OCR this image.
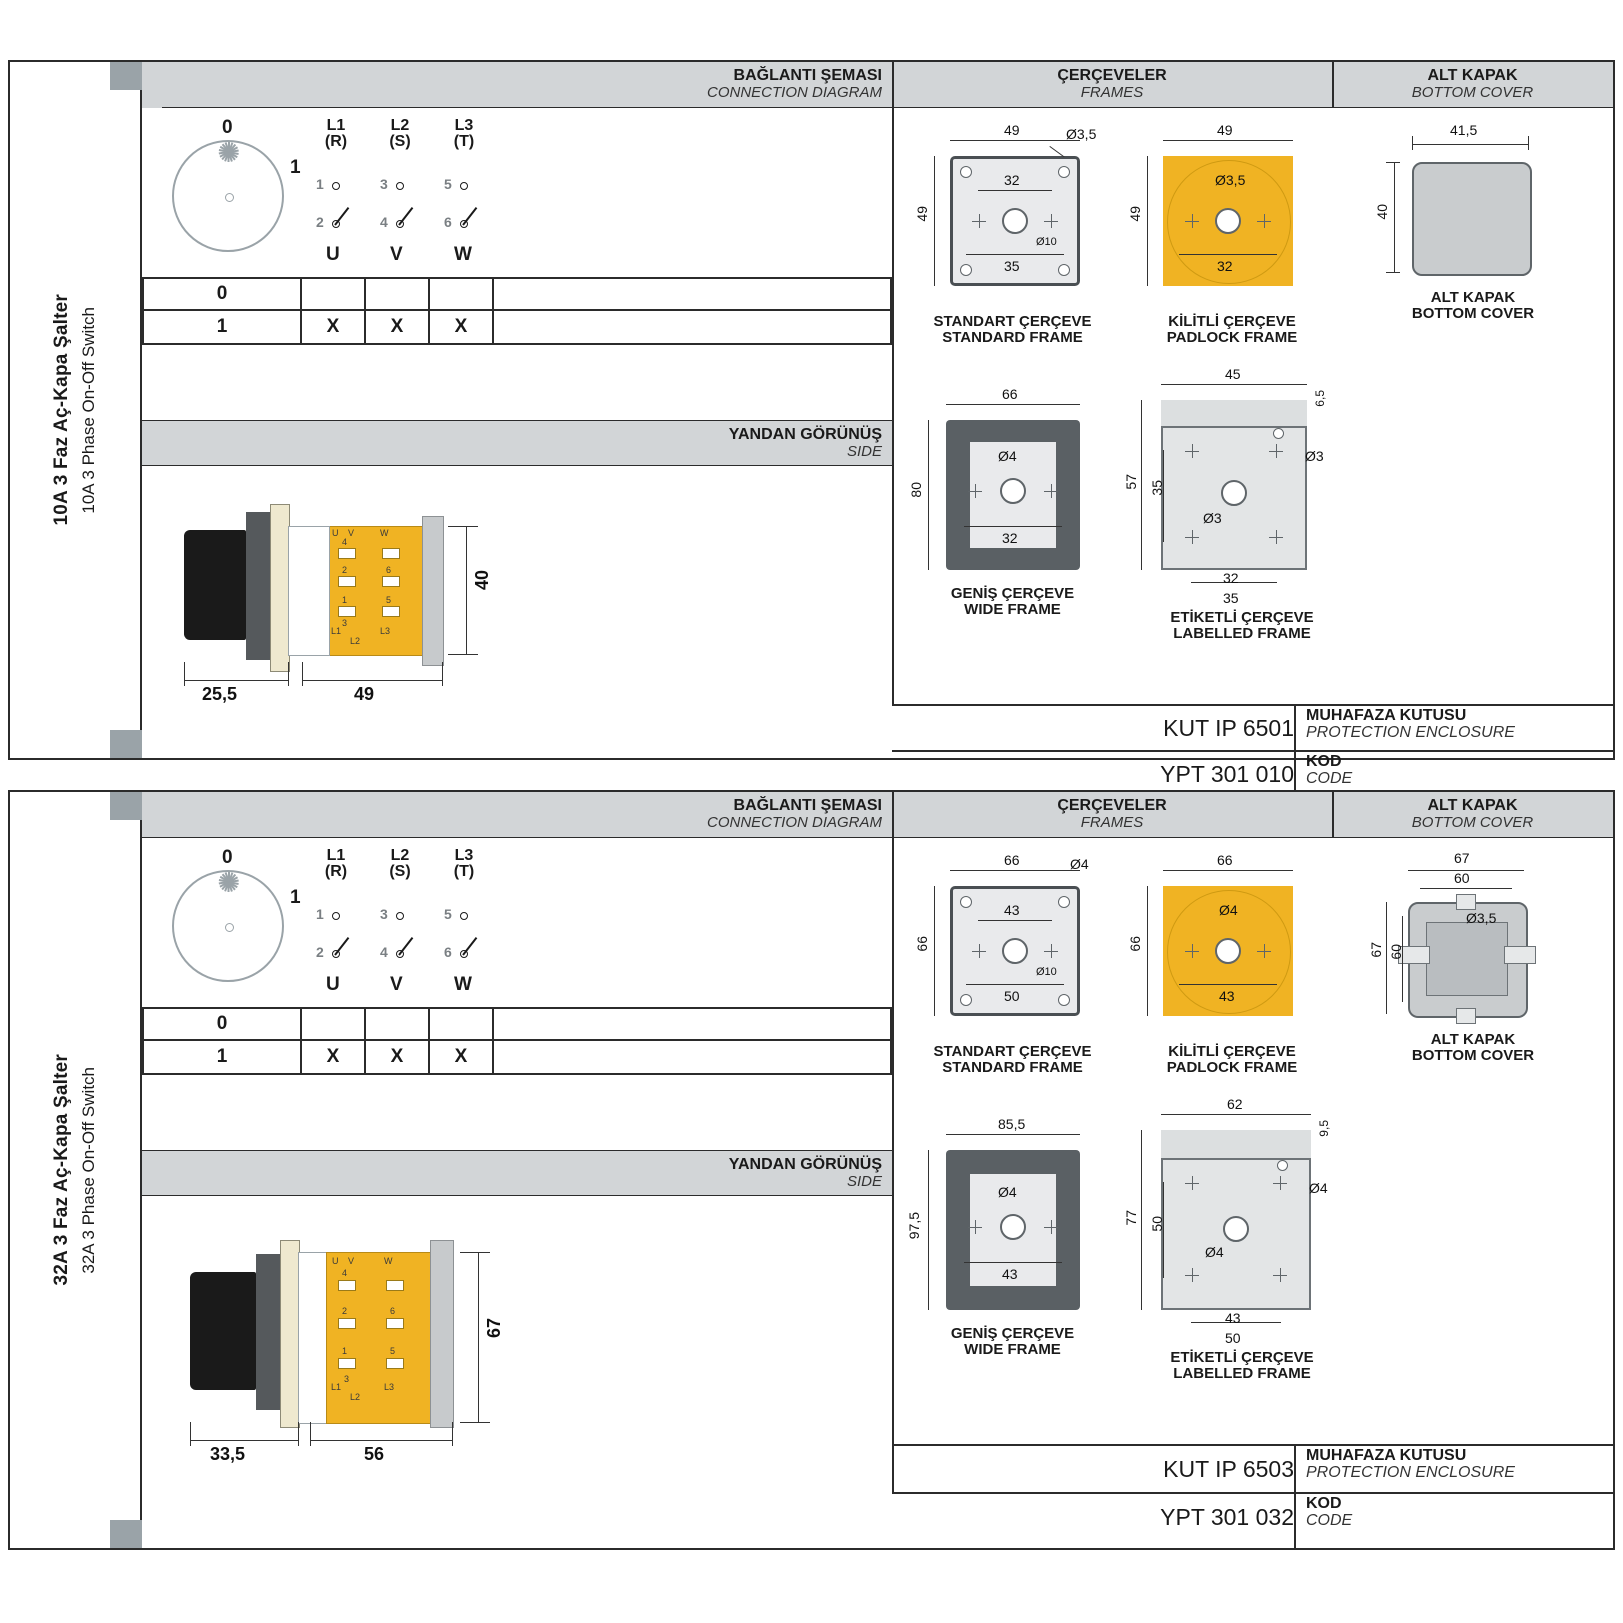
10A 3 Faz Aç-Kapa Şalter 10A 3 Phase On-Off Switch
BAĞLANTI ŞEMASI
CONNECTION DIAGRAM
ÇERÇEVELER
FRAMES
ALT KAPAK
BOTTOM COVER
0
1
L1
(R)
L2
(S)
L3
(T)
1
2
3
4
5
6
U	V	W
0
1	X	X	X
YANDAN GÖRÜNÜŞ
SIDE
U V	W
4
2	6
1	5
3
L1	L3
L2
25,5	49
40
49
49
32
35
Ø3,5
Ø10
STANDART ÇERÇEVE
STANDARD FRAME
49
49
32
Ø3,5
KİLİTLİ ÇERÇEVE
PADLOCK FRAME
66
80
32
Ø4
GENİŞ ÇERÇEVE
WIDE FRAME
45
6,5
57 35
32
35
Ø3
Ø3
ETİKETLİ ÇERÇEVE
LABELLED FRAME
41,5
40
ALT KAPAK
BOTTOM COVER
KUT IP 6501 MUHAFAZA KUTUSU
PROTECTION ENCLOSURE
YPT 301 010 KOD
CODE
32A 3 Faz Aç-Kapa Şalter 32A 3 Phase On-Off Switch
BAĞLANTI ŞEMASI
CONNECTION DIAGRAM
ÇERÇEVELER
FRAMES
ALT KAPAK
BOTTOM COVER
0
1
L1
(R)
L2
(S)
L3
(T)
1
2
3
4
5
6
U	V	W
0
1	X	X	X
YANDAN GÖRÜNÜŞ
SIDE
U V	W
4
2	6
1	5
3
L1	L3
L2
33,5	56
67
66
66
43
50
Ø4
Ø10
STANDART ÇERÇEVE
STANDARD FRAME
66
66
43
Ø4
KİLİTLİ ÇERÇEVE
PADLOCK FRAME
85,5
97,5
43
Ø4
GENİŞ ÇERÇEVE
WIDE FRAME
62
9,5
77 50
43
50
Ø4
Ø4
ETİKETLİ ÇERÇEVE
LABELLED FRAME
67
60
67 60
Ø3,5
ALT KAPAK
BOTTOM COVER
KUT IP 6503 MUHAFAZA KUTUSU
PROTECTION ENCLOSURE
YPT 301 032 KOD
CODE
